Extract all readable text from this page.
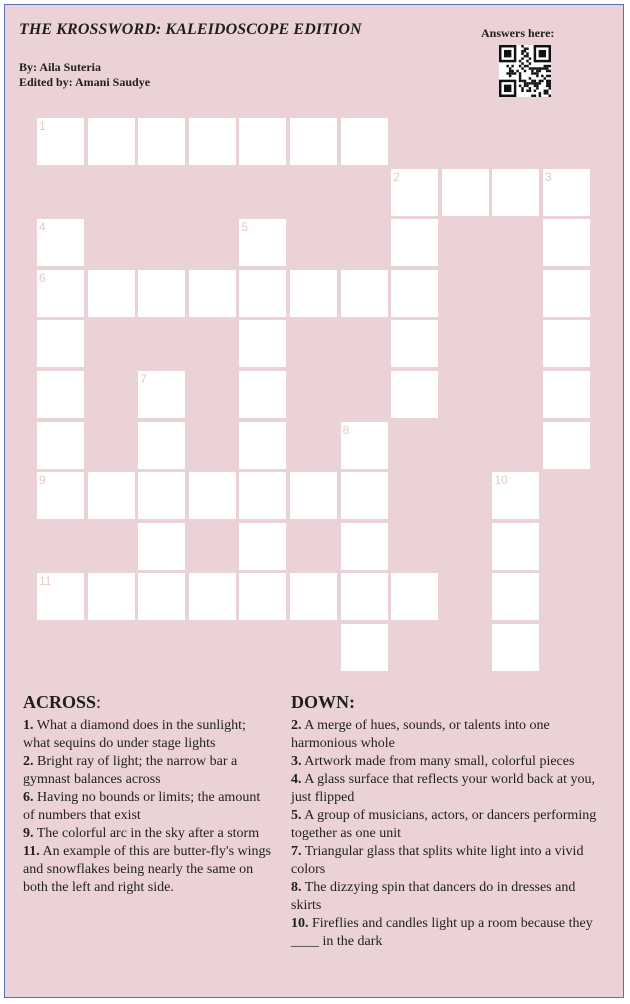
THE KROSSWORD: KALEIDOSCOPE EDITION
By: Aila Suteria
Edited by: Amani Saudye
Answers here:
1
2	3
4	5
6
7
8
9	10
11
ACROSS:

1. What a diamond does in the sunlight; what sequins do under stage lights

2. Bright ray of light; the narrow bar a gymnast balances across

6. Having no bounds or limits; the amount of numbers that exist

9. The colorful arc in the sky after a storm

11. An example of this are butter-fly's wings and snowflakes being nearly the same on both the left and right side.

DOWN:

2. A merge of hues, sounds, or talents into one harmonious whole

3. Artwork made from many small, colorful pieces

4. A glass surface that reflects your world back at you, just flipped

5. A group of musicians, actors, or dancers performing together as one unit

7. Triangular glass that splits white light into a vivid colors

8. The dizzying spin that dancers do in dresses and skirts

10. Fireflies and candles light up a room because they ____ in the dark
